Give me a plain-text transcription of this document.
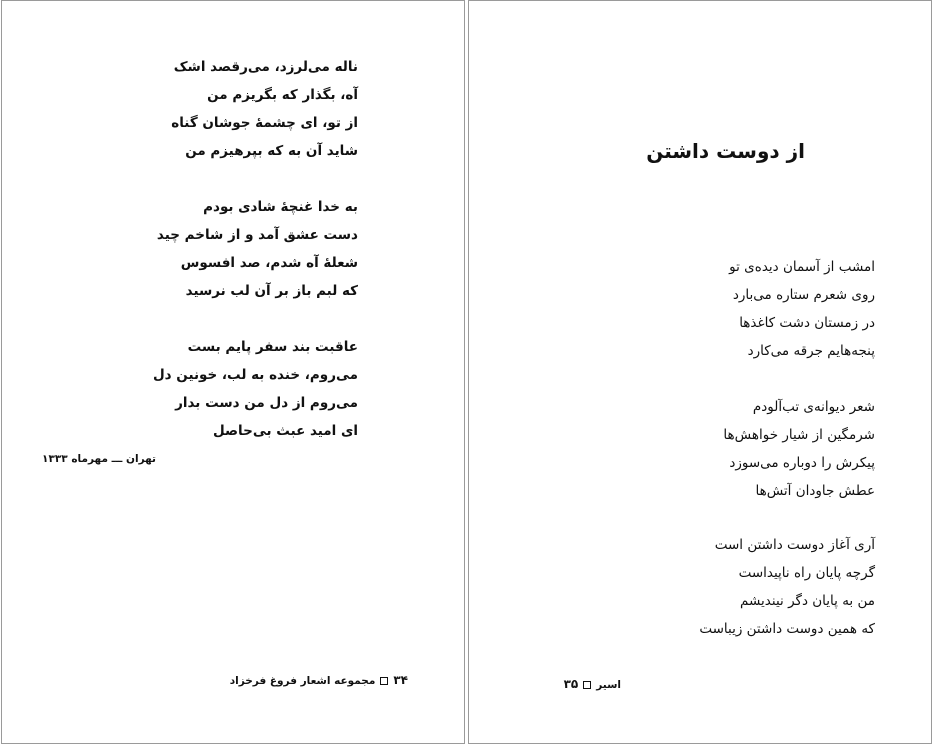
ناله می‌لرزد، می‌رقصد اشک
آه، بگذار که بگریزم من
از تو، ای چشمهٔ جوشان گناه
شاید آن به که بپرهیزم من
به خدا غنچهٔ شادی بودم
دست عشق آمد و از شاخم چید
شعلهٔ آه شدم، صد افسوس
که لبم باز بر آن لب نرسید
عاقبت بند سفر پایم بست
می‌روم، خنده به لب، خونین دل
می‌روم از دل من دست بدار
ای امید عبث بی‌حاصل
تهران ـــ مهرماه ۱۳۳۳
۳۴مجموعه اشعار فروغ فرخزاد
از دوست داشتن
امشب از آسمان دیده‌ی تو
روی شعرم ستاره می‌بارد
در زمستان دشت کاغذها
پنجه‌هایم جرقه می‌کارد
شعر دیوانه‌ی تب‌آلودم
شرمگین از شیار خواهش‌ها
پیکرش را دوباره می‌سوزد
عطش جاودان آتش‌ها
آری آغاز دوست داشتن است
گرچه پایان راه ناپیداست
من به پایان دگر نیندیشم
که همین دوست داشتن زیباست
اسیر۳۵
